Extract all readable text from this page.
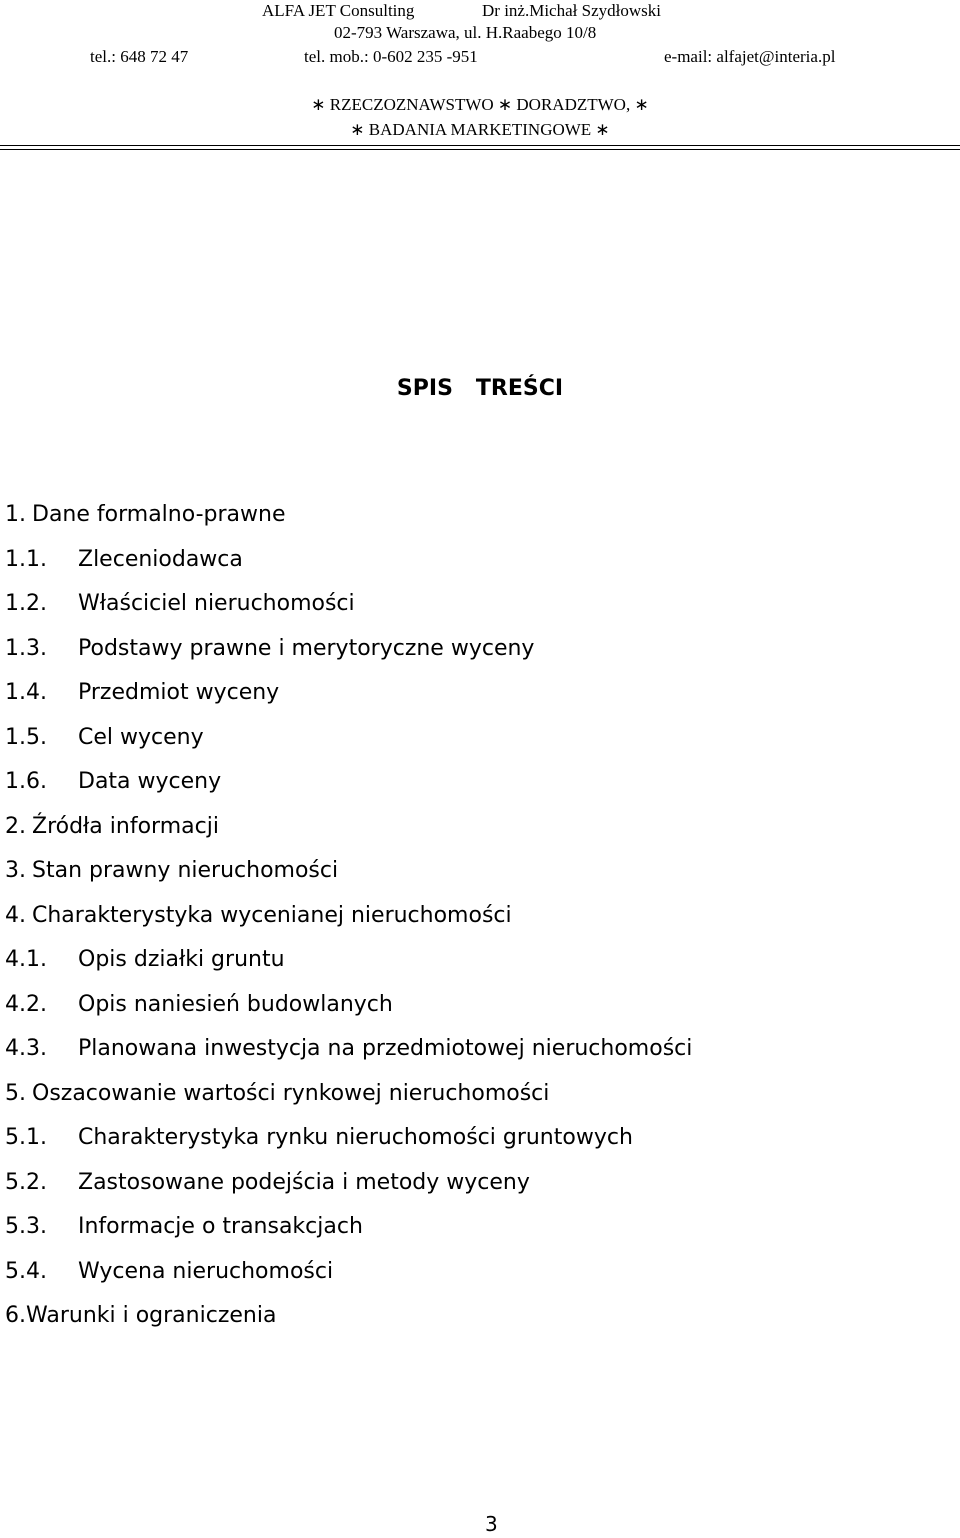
ALFA JET Consulting	Dr inż.Michał Szydłowski
02-793 Warszawa, ul. H.Raabego 10/8
tel.: 648 72 47	tel. mob.: 0-602 235 -951	e-mail: alfajet@interia.pl
∗ RZECZOZNAWSTWO ∗ DORADZTWO, ∗
∗ BADANIA MARKETINGOWE ∗
SPIS   TREŚCI
1. Dane formalno-prawne
1.1. Zleceniodawca
1.2. Właściciel nieruchomości
1.3. Podstawy prawne i merytoryczne wyceny
1.4. Przedmiot wyceny
1.5. Cel wyceny
1.6. Data wyceny
2. Źródła informacji
3. Stan prawny nieruchomości
4. Charakterystyka wycenianej nieruchomości
4.1. Opis działki gruntu
4.2. Opis naniesień budowlanych
4.3. Planowana inwestycja na przedmiotowej nieruchomości
5. Oszacowanie wartości rynkowej nieruchomości
5.1. Charakterystyka rynku nieruchomości gruntowych
5.2. Zastosowane podejścia i metody wyceny
5.3. Informacje o transakcjach
5.4. Wycena nieruchomości
6.Warunki i ograniczenia
3
